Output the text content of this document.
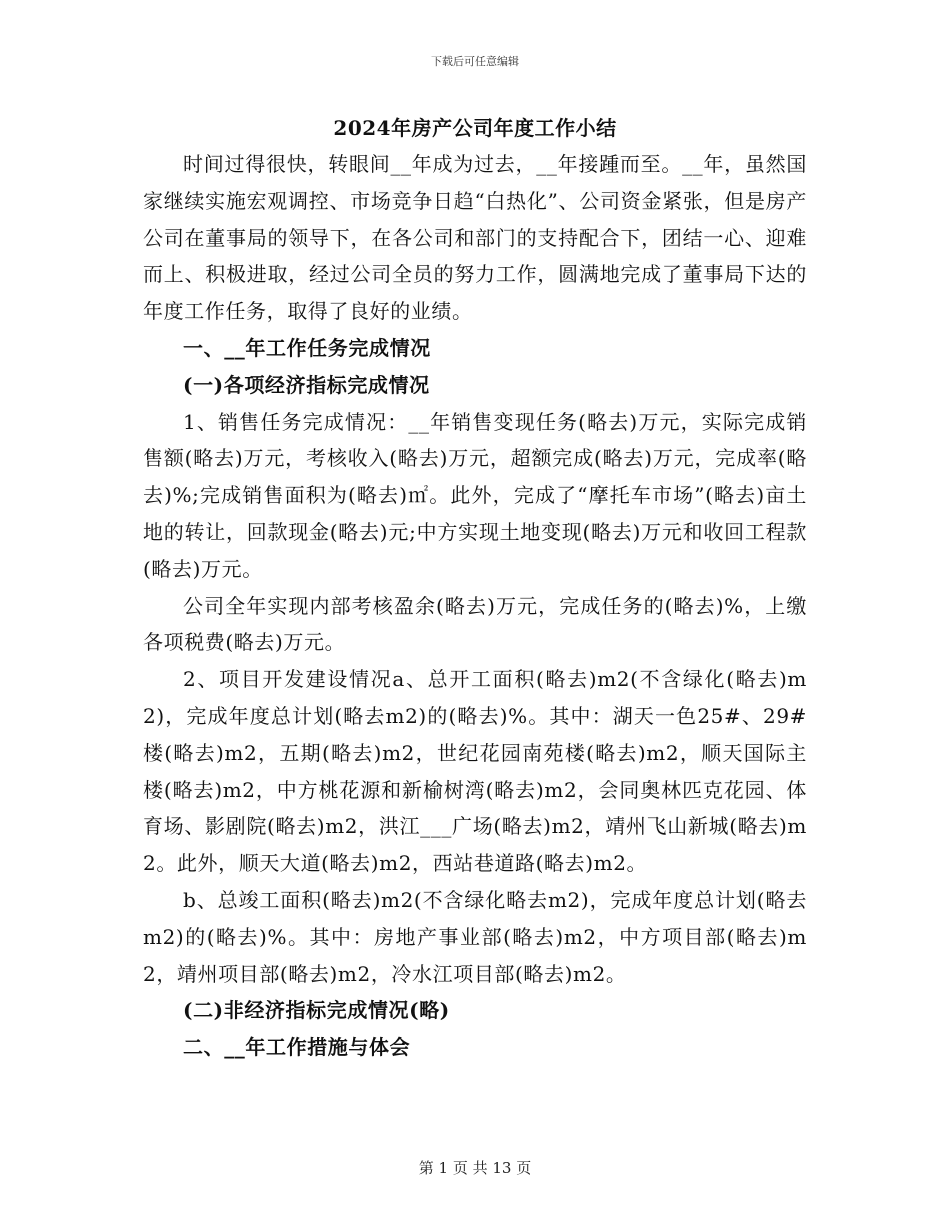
下载后可任意编辑
2024年房产公司年度工作小结

时间过得很快，转眼间__年成为过去，__年接踵而至。__年，虽然国家继续实施宏观调控、市场竞争日趋“白热化”、公司资金紧张，但是房产公司在董事局的领导下，在各公司和部门的支持配合下，团结一心、迎难而上、积极进取，经过公司全员的努力工作，圆满地完成了董事局下达的年度工作任务，取得了良好的业绩。

一、__年工作任务完成情况

(一)各项经济指标完成情况

1、销售任务完成情况：__年销售变现任务(略去)万元，实际完成销售额(略去)万元，考核收入(略去)万元，超额完成(略去)万元，完成率(略去)%;完成销售面积为(略去)㎡。此外，完成了“摩托车市场”(略去)亩土地的转让，回款现金(略去)元;中方实现土地变现(略去)万元和收回工程款(略去)万元。

公司全年实现内部考核盈余(略去)万元，完成任务的(略去)%，上缴各项税费(略去)万元。

2、项目开发建设情况a、总开工面积(略去)m2(不含绿化(略去)m2)，完成年度总计划(略去m2)的(略去)%。其中：湖天一色25#、29#楼(略去)m2，五期(略去)m2，世纪花园南苑楼(略去)m2，顺天国际主楼(略去)m2，中方桃花源和新榆树湾(略去)m2，会同奥林匹克花园、体育场、影剧院(略去)m2，洪江___广场(略去)m2，靖州飞山新城(略去)m2。此外，顺天大道(略去)m2，西站巷道路(略去)m2。

b、总竣工面积(略去)m2(不含绿化略去m2)，完成年度总计划(略去m2)的(略去)%。其中：房地产事业部(略去)m2，中方项目部(略去)m2，靖州项目部(略去)m2，冷水江项目部(略去)m2。

(二)非经济指标完成情况(略)

二、__年工作措施与体会

第 1 页 共 13 页
